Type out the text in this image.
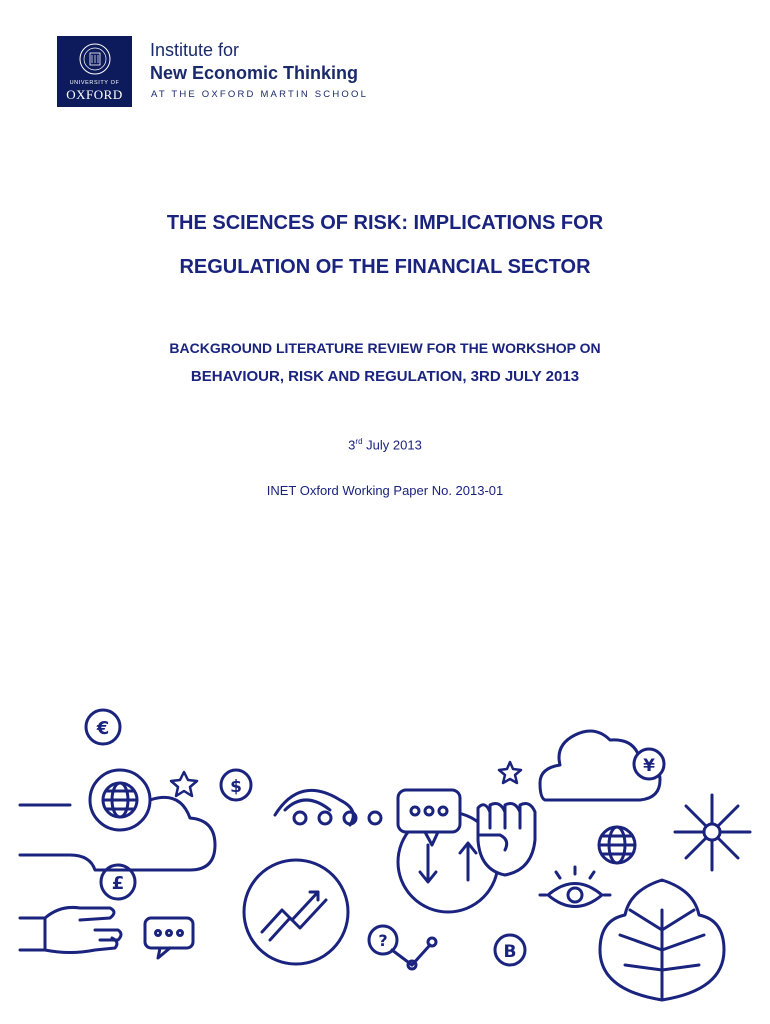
UNIVERSITY OF
OXFORD
Institute for
New Economic Thinking
AT THE OXFORD MARTIN SCHOOL
THE SCIENCES OF RISK: IMPLICATIONS FOR
REGULATION OF THE FINANCIAL SECTOR
BACKGROUND LITERATURE REVIEW FOR THE WORKSHOP ON
BEHAVIOUR, RISK AND REGULATION, 3RD JULY 2013
3rd July 2013
INET Oxford Working Paper No. 2013-01
€
$
£
?
B
¥
